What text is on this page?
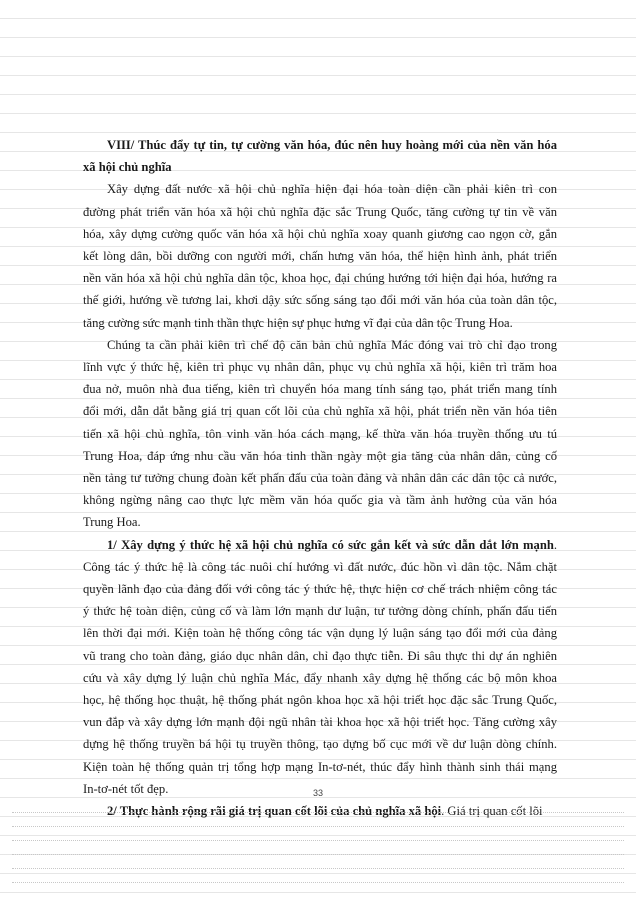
VIII/ Thúc đẩy tự tin, tự cường văn hóa, đúc nên huy hoàng mới của nền văn hóa
xã hội chủ nghĩa
Xây dựng đất nước xã hội chủ nghĩa hiện đại hóa toàn diện cần phải kiên trì con
đường phát triển văn hóa xã hội chủ nghĩa đặc sắc Trung Quốc, tăng cường tự tin về văn
hóa, xây dựng cường quốc văn hóa xã hội chủ nghĩa xoay quanh giương cao ngọn cờ, gắn
kết lòng dân, bồi dưỡng con người mới, chấn hưng văn hóa, thể hiện hình ảnh, phát triển
nền văn hóa xã hội chủ nghĩa dân tộc, khoa học, đại chúng hướng tới hiện đại hóa, hướng ra
thế giới, hướng về tương lai, khơi dậy sức sống sáng tạo đổi mới văn hóa của toàn dân tộc,
tăng cường sức mạnh tinh thần thực hiện sự phục hưng vĩ đại của dân tộc Trung Hoa.
Chúng ta cần phải kiên trì chế độ căn bản chủ nghĩa Mác đóng vai trò chỉ đạo trong
lĩnh vực ý thức hệ, kiên trì phục vụ nhân dân, phục vụ chủ nghĩa xã hội, kiên trì trăm hoa
đua nở, muôn nhà đua tiếng, kiên trì chuyển hóa mang tính sáng tạo, phát triển mang tính
đổi mới, dẫn dắt bằng giá trị quan cốt lõi của chủ nghĩa xã hội, phát triển nền văn hóa tiên
tiến xã hội chủ nghĩa, tôn vinh văn hóa cách mạng, kế thừa văn hóa truyền thống ưu tú
Trung Hoa, đáp ứng nhu cầu văn hóa tinh thần ngày một gia tăng của nhân dân, củng cố
nền tảng tư tưởng chung đoàn kết phấn đấu của toàn đảng và nhân dân các dân tộc cả nước,
không ngừng nâng cao thực lực mềm văn hóa quốc gia và tầm ảnh hưởng của văn hóa
Trung Hoa.
1/ Xây dựng ý thức hệ xã hội chủ nghĩa có sức gắn kết và sức dẫn dắt lớn mạnh.
Công tác ý thức hệ là công tác nuôi chí hướng vì đất nước, đúc hồn vì dân tộc. Nắm chặt
quyền lãnh đạo của đảng đối với công tác ý thức hệ, thực hiện cơ chế trách nhiệm công tác
ý thức hệ toàn diện, củng cố và làm lớn mạnh dư luận, tư tưởng dòng chính, phấn đấu tiến
lên thời đại mới. Kiện toàn hệ thống công tác vận dụng lý luận sáng tạo đổi mới của đảng
vũ trang cho toàn đảng, giáo dục nhân dân, chỉ đạo thực tiễn. Đi sâu thực thi dự án nghiên
cứu và xây dựng lý luận chủ nghĩa Mác, đẩy nhanh xây dựng hệ thống các bộ môn khoa
học, hệ thống học thuật, hệ thống phát ngôn khoa học xã hội triết học đặc sắc Trung Quốc,
vun đắp và xây dựng lớn mạnh đội ngũ nhân tài khoa học xã hội triết học. Tăng cường xây
dựng hệ thống truyền bá hội tụ truyền thông, tạo dựng bố cục mới về dư luận dòng chính.
Kiện toàn hệ thống quản trị tổng hợp mạng In-tơ-nét, thúc đẩy hình thành sinh thái mạng
In-tơ-nét tốt đẹp.
2/ Thực hành rộng rãi giá trị quan cốt lõi của chủ nghĩa xã hội. Giá trị quan cốt lõi
33
